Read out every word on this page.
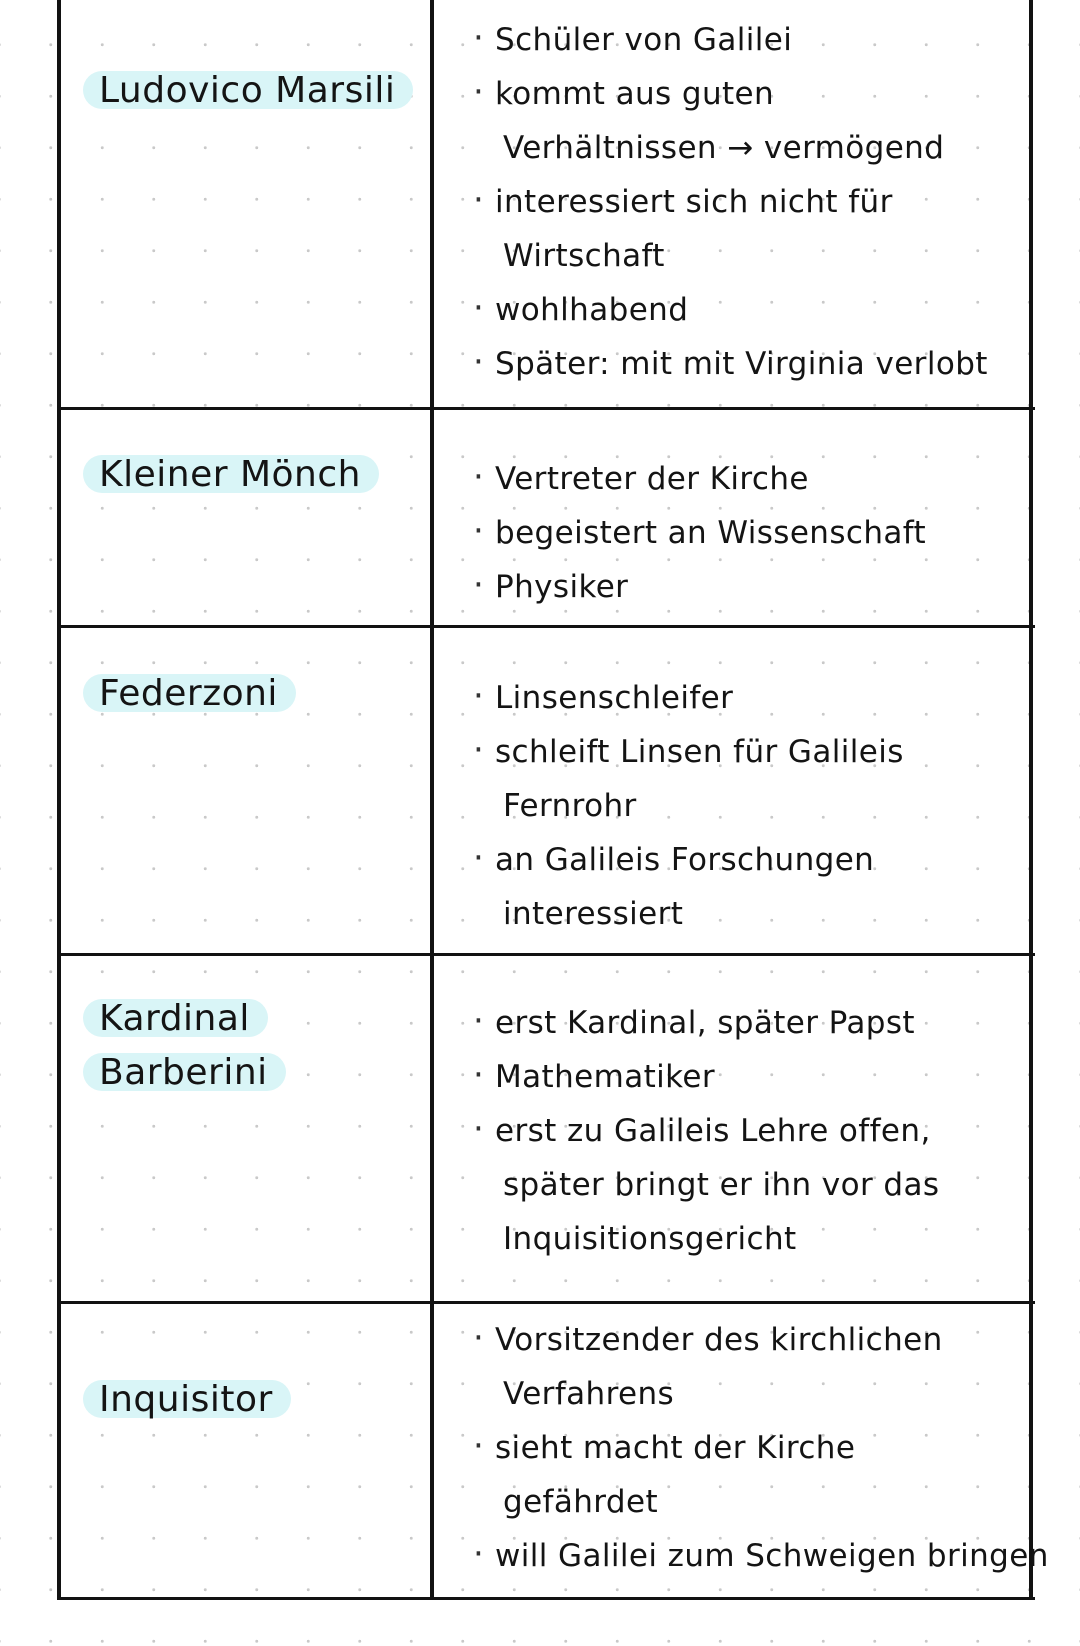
Ludovico Marsili
· Schüler von Galilei
· kommt aus guten
Verhältnissen → vermögend
· interessiert sich nicht für
Wirtschaft
· wohlhabend
· Später: mit mit Virginia verlobt
Kleiner Mönch	· Vertreter der Kirche
· begeistert an Wissenschaft
· Physiker
Federzoni	· Linsenschleifer
· schleift Linsen für Galileis
Fernrohr
· an Galileis Forschungen
interessiert
Kardinal
Barberini
· erst Kardinal, später Papst
· Mathematiker
· erst zu Galileis Lehre offen,
später bringt er ihn vor das
Inquisitionsgericht
Inquisitor
· Vorsitzender des kirchlichen
Verfahrens
· sieht macht der Kirche
gefährdet
· will Galilei zum Schweigen bringen
